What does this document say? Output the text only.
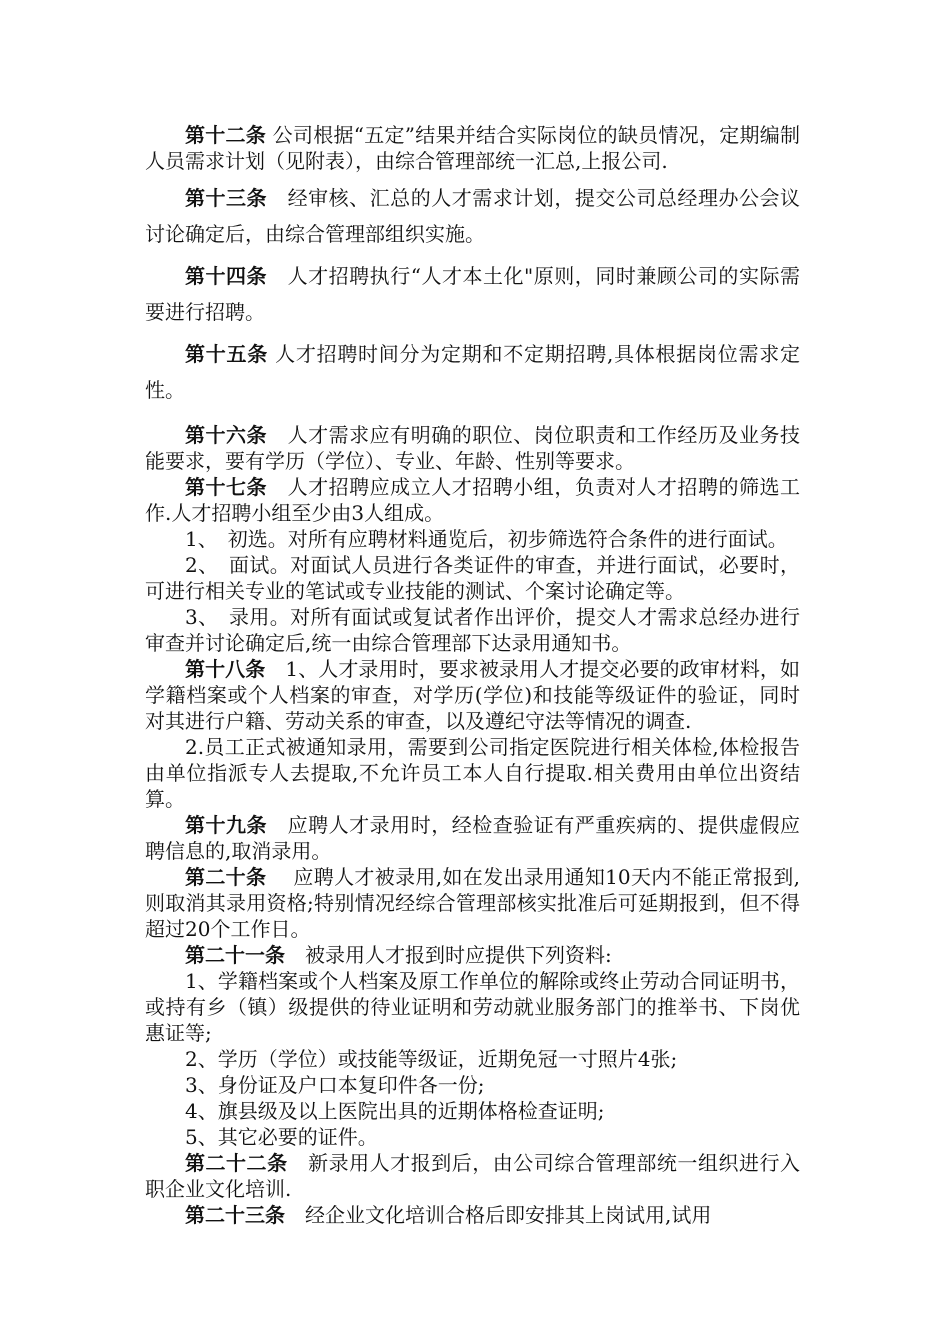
第十二条 公司根据“五定”结果并结合实际岗位的缺员情况，定期编制人员需求计划（见附表），由综合管理部统一汇总,上报公司.

第十三条　经审核、汇总的人才需求计划，提交公司总经理办公会议讨论确定后，由综合管理部组织实施。

第十四条　人才招聘执行“人才本土化"原则，同时兼顾公司的实际需要进行招聘。

第十五条 人才招聘时间分为定期和不定期招聘,具体根据岗位需求定性。

第十六条　人才需求应有明确的职位、岗位职责和工作经历及业务技能要求，要有学历（学位）、专业、年龄、性别等要求。

第十七条　人才招聘应成立人才招聘小组，负责对人才招聘的筛选工作.人才招聘小组至少由3人组成。

1、　初选。对所有应聘材料通览后，初步筛选符合条件的进行面试。

2、　面试。对面试人员进行各类证件的审查，并进行面试，必要时，可进行相关专业的笔试或专业技能的测试、个案讨论确定等。

3、　录用。对所有面试或复试者作出评价，提交人才需求总经办进行审查并讨论确定后,统一由综合管理部下达录用通知书。

第十八条　1、人才录用时，要求被录用人才提交必要的政审材料，如学籍档案或个人档案的审查，对学历(学位)和技能等级证件的验证，同时对其进行户籍、劳动关系的审查，以及遵纪守法等情况的调查.

2.员工正式被通知录用，需要到公司指定医院进行相关体检,体检报告由单位指派专人去提取,不允许员工本人自行提取.相关费用由单位出资结算。

第十九条　应聘人才录用时，经检查验证有严重疾病的、提供虚假应聘信息的,取消录用。

第二十条　 应聘人才被录用,如在发出录用通知10天内不能正常报到,则取消其录用资格;特别情况经综合管理部核实批准后可延期报到，但不得超过20个工作日。

第二十一条　被录用人才报到时应提供下列资料:

1、学籍档案或个人档案及原工作单位的解除或终止劳动合同证明书，或持有乡（镇）级提供的待业证明和劳动就业服务部门的推举书、下岗优惠证等;

2、学历（学位）或技能等级证，近期免冠一寸照片4张;

3、身份证及户口本复印件各一份;

4、旗县级及以上医院出具的近期体格检查证明;

5、其它必要的证件。

第二十二条　新录用人才报到后，由公司综合管理部统一组织进行入职企业文化培训.

第二十三条　经企业文化培训合格后即安排其上岗试用,试用
